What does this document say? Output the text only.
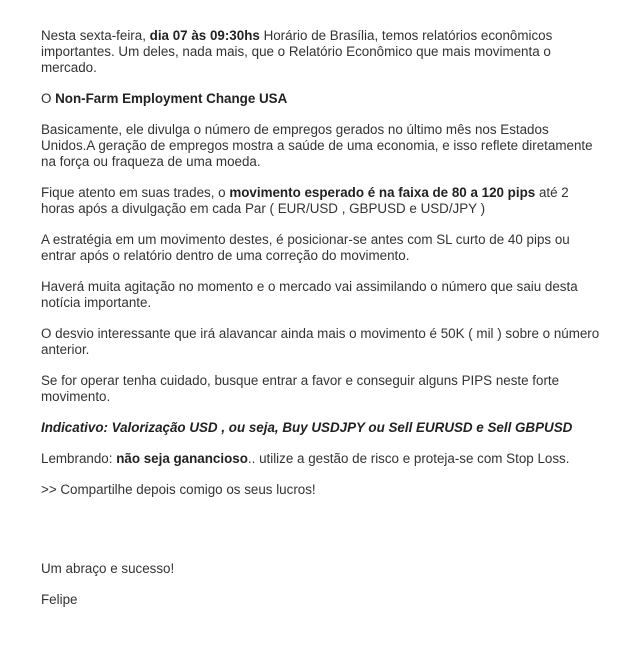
Nesta sexta-feira, dia 07 às 09:30hs Horário de Brasília, temos relatórios econômicos importantes. Um deles, nada mais, que o Relatório Econômico que mais movimenta o mercado.

O Non-Farm Employment Change USA

Basicamente, ele divulga o número de empregos gerados no último mês nos Estados Unidos.A geração de empregos mostra a saúde de uma economia, e isso reflete diretamente na força ou fraqueza de uma moeda.

Fique atento em suas trades, o movimento esperado é na faixa de 80 a 120 pips até 2 horas após a divulgação em cada Par ( EUR/USD , GBPUSD e USD/JPY )

A estratégia em um movimento destes, é posicionar-se antes com SL curto de 40 pips ou entrar após o relatório dentro de uma correção do movimento.

Haverá muita agitação no momento e o mercado vai assimilando o número que saiu desta notícia importante.

O desvio interessante que irá alavancar ainda mais o movimento é 50K ( mil ) sobre o número anterior.

Se for operar tenha cuidado, busque entrar a favor e conseguir alguns PIPS neste forte movimento.

Indicativo: Valorização USD , ou seja, Buy USDJPY ou Sell EURUSD e Sell GBPUSD

Lembrando: não seja ganancioso.. utilize a gestão de risco e proteja-se com Stop Loss.

>> Compartilhe depois comigo os seus lucros!

Um abraço e sucesso!

Felipe
